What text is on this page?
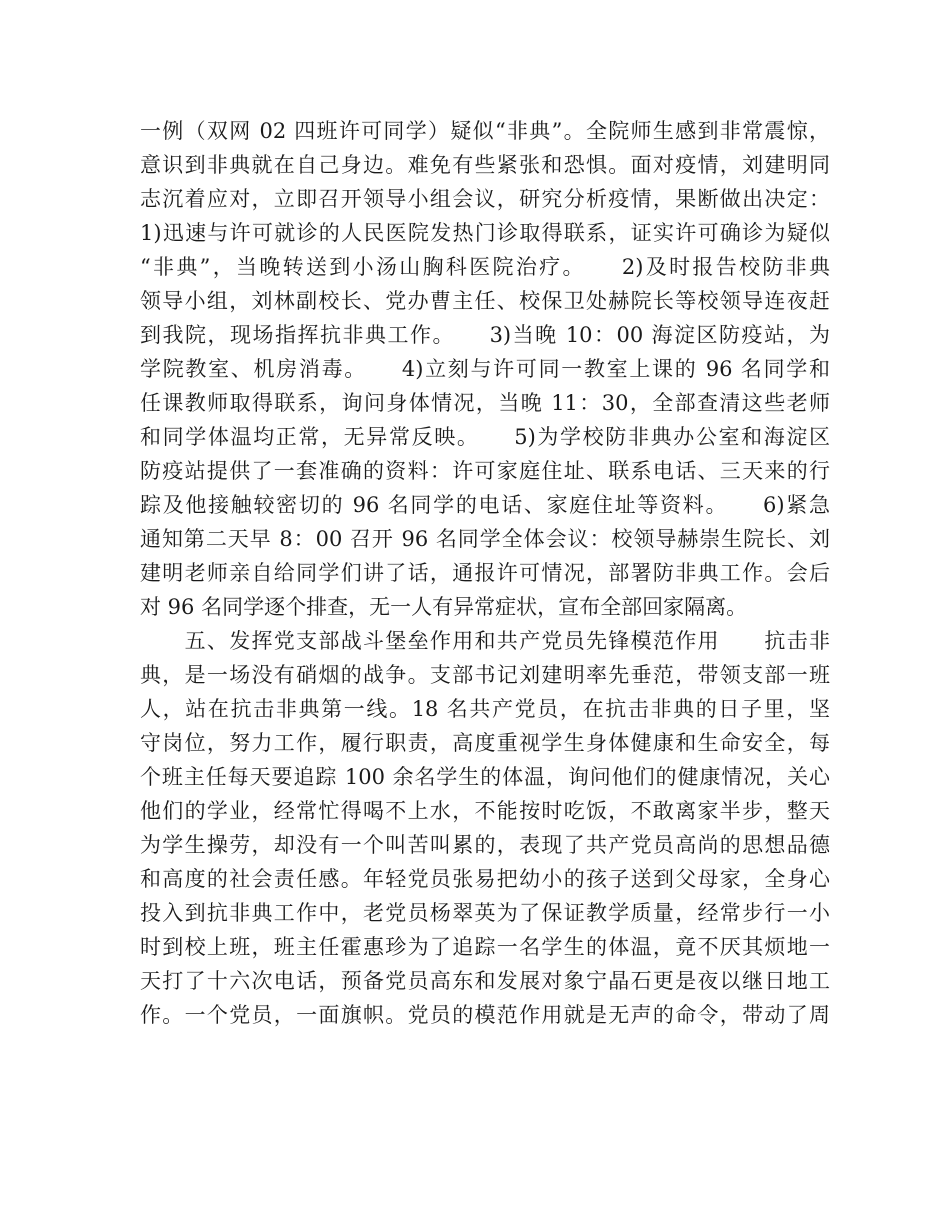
一例（双网 02 四班许可同学）疑似“非典”。全院师生感到非常震惊，
意识到非典就在自己身边。难免有些紧张和恐惧。面对疫情，刘建明同
志沉着应对，立即召开领导小组会议，研究分析疫情，果断做出决定：
1)迅速与许可就诊的人民医院发热门诊取得联系，证实许可确诊为疑似
“非典”，当晚转送到小汤山胸科医院治疗。　　2)及时报告校防非典
领导小组，刘林副校长、党办曹主任、校保卫处赫院长等校领导连夜赶
到我院，现场指挥抗非典工作。　　3)当晚 10：00 海淀区防疫站，为
学院教室、机房消毒。　　4)立刻与许可同一教室上课的 96 名同学和
任课教师取得联系，询问身体情况，当晚 11：30，全部查清这些老师
和同学体温均正常，无异常反映。　　5)为学校防非典办公室和海淀区
防疫站提供了一套准确的资料：许可家庭住址、联系电话、三天来的行
踪及他接触较密切的 96 名同学的电话、家庭住址等资料。　　6)紧急
通知第二天早 8：00 召开 96 名同学全体会议：校领导赫崇生院长、刘
建明老师亲自给同学们讲了话，通报许可情况，部署防非典工作。会后
对 96 名同学逐个排查，无一人有异常症状，宣布全部回家隔离。
　　五、发挥党支部战斗堡垒作用和共产党员先锋模范作用　　抗击非
典，是一场没有硝烟的战争。支部书记刘建明率先垂范，带领支部一班
人，站在抗击非典第一线。18 名共产党员，在抗击非典的日子里，坚
守岗位，努力工作，履行职责，高度重视学生身体健康和生命安全，每
个班主任每天要追踪 100 余名学生的体温，询问他们的健康情况，关心
他们的学业，经常忙得喝不上水，不能按时吃饭，不敢离家半步，整天
为学生操劳，却没有一个叫苦叫累的，表现了共产党员高尚的思想品德
和高度的社会责任感。年轻党员张易把幼小的孩子送到父母家，全身心
投入到抗非典工作中，老党员杨翠英为了保证教学质量，经常步行一小
时到校上班，班主任霍惠珍为了追踪一名学生的体温，竟不厌其烦地一
天打了十六次电话，预备党员高东和发展对象宁晶石更是夜以继日地工
作。一个党员，一面旗帜。党员的模范作用就是无声的命令，带动了周
